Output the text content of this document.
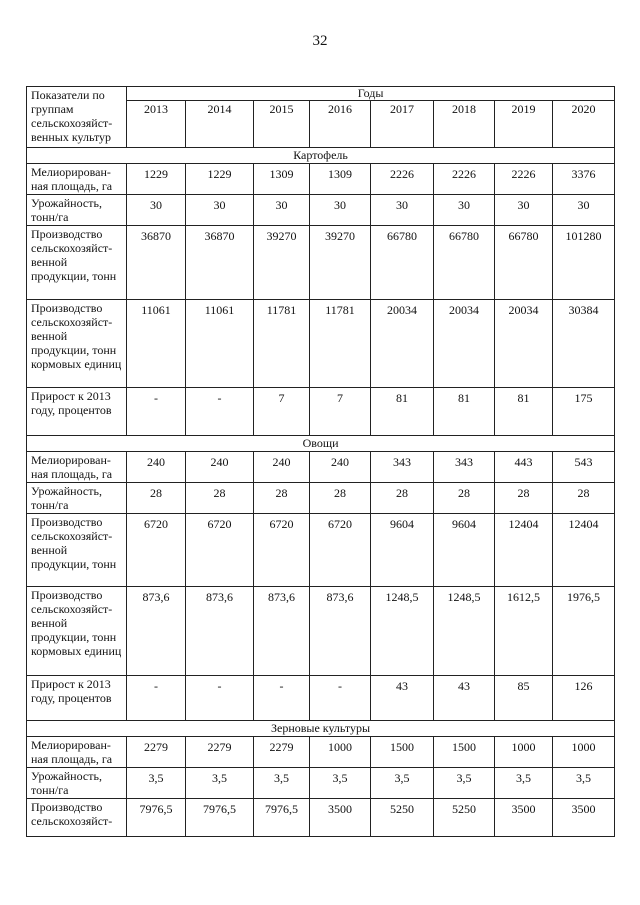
32
Показатели по группам сельскохозяйст-венных культур	Годы							
	2013	2014	2015	2016	2017	2018	2019	2020
Картофель								
Мелиорирован-ная площадь, га	1229	1229	1309	1309	2226	2226	2226	3376
Урожайность, тонн/га	30	30	30	30	30	30	30	30
Производство сельскохозяйст-венной продукции, тонн	36870	36870	39270	39270	66780	66780	66780	101280
Производство сельскохозяйст-венной продукции, тонн кормовых единиц	11061	11061	11781	11781	20034	20034	20034	30384
Прирост к 2013 году, процентов	-	-	7	7	81	81	81	175
Овощи								
Мелиорирован-ная площадь, га	240	240	240	240	343	343	443	543
Урожайность, тонн/га	28	28	28	28	28	28	28	28
Производство сельскохозяйст-венной продукции, тонн	6720	6720	6720	6720	9604	9604	12404	12404
Производство сельскохозяйст-венной продукции, тонн кормовых единиц	873,6	873,6	873,6	873,6	1248,5	1248,5	1612,5	1976,5
Прирост к 2013 году, процентов	-	-	-	-	43	43	85	126
Зерновые культуры								
Мелиорирован-ная площадь, га	2279	2279	2279	1000	1500	1500	1000	1000
Урожайность, тонн/га	3,5	3,5	3,5	3,5	3,5	3,5	3,5	3,5
Производство сельскохозяйст-	7976,5	7976,5	7976,5	3500	5250	5250	3500	3500
